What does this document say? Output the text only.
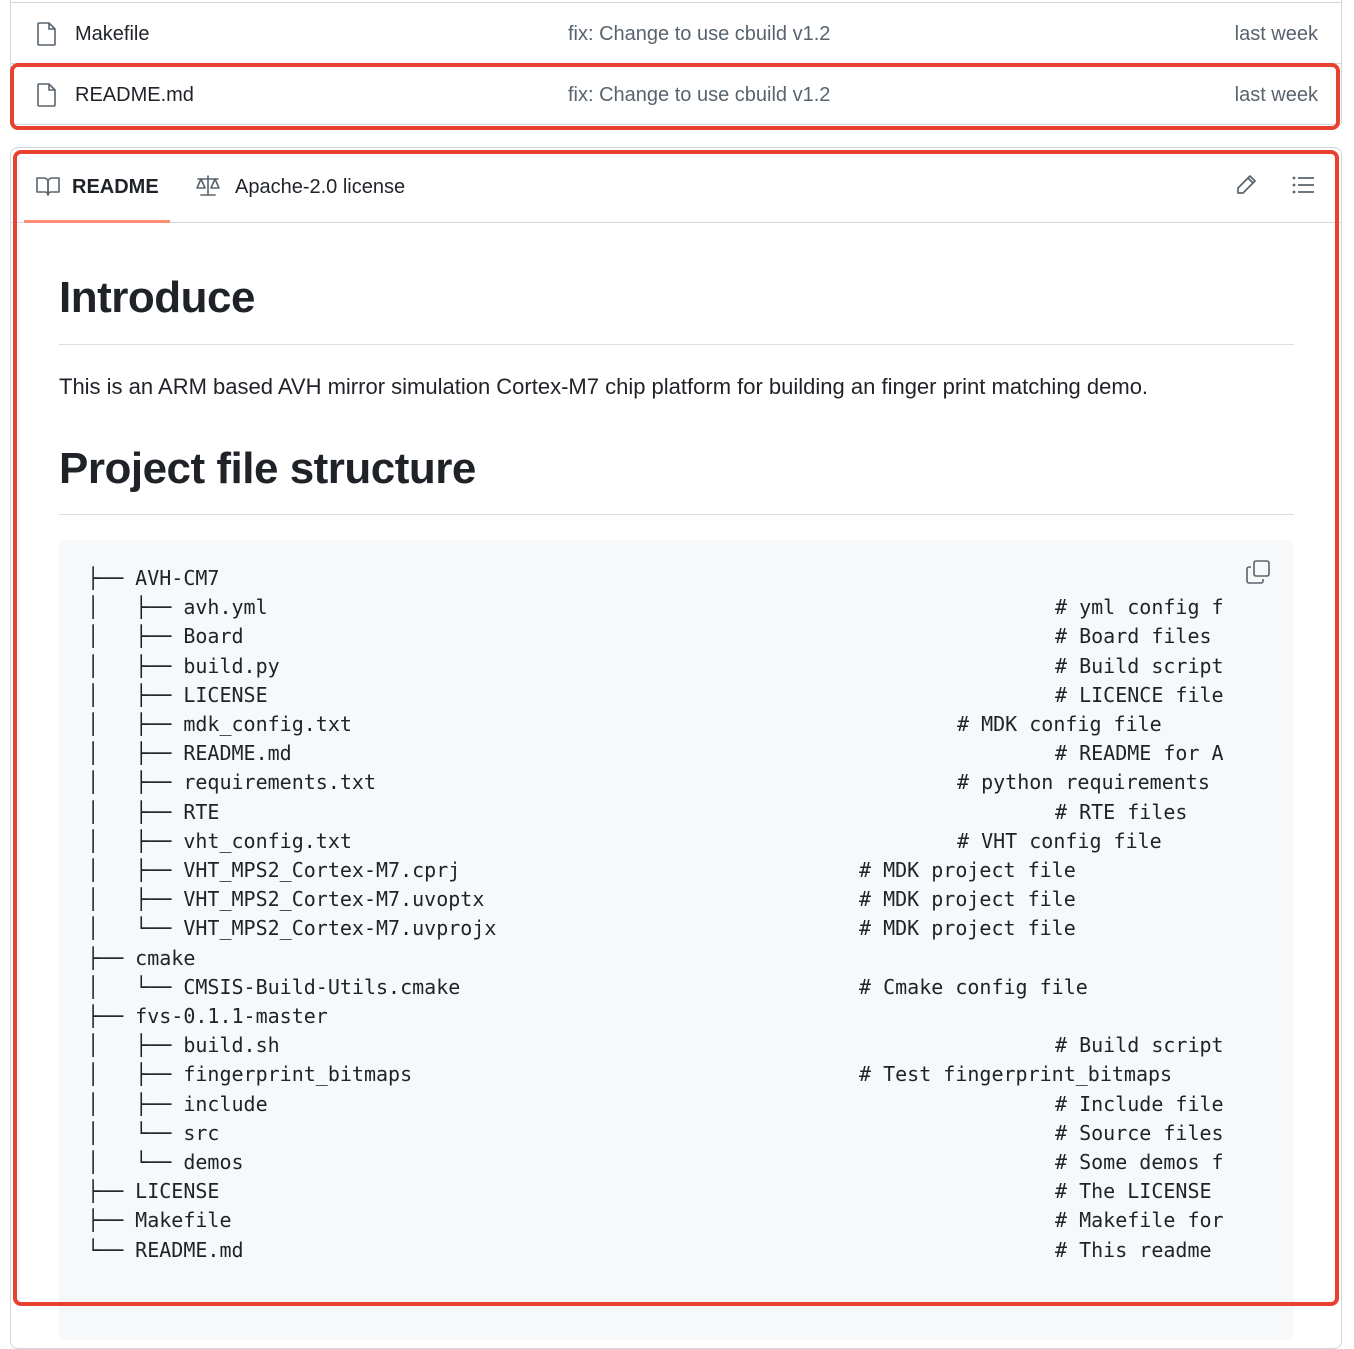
Makefile	fix: Change to use cbuild v1.2	last week
README.md	fix: Change to use cbuild v1.2	last week
README	Apache-2.0 license
Introduce
This is an ARM based AVH mirror simulation Cortex-M7 chip platform for building an finger print matching demo.
Project file structure
├── AVH-CM7
│   ├── avh.yml	# yml config f
│   ├── Board	# Board files
│   ├── build.py	# Build script
│   ├── LICENSE	# LICENCE file
│   ├── mdk_config.txt	# MDK config file
│   ├── README.md	# README for A
│   ├── requirements.txt	# python requirements
│   ├── RTE	# RTE files
│   ├── vht_config.txt	# VHT config file
│   ├── VHT_MPS2_Cortex-M7.cprj	# MDK project file
│   ├── VHT_MPS2_Cortex-M7.uvoptx	# MDK project file
│   └── VHT_MPS2_Cortex-M7.uvprojx	# MDK project file
├── cmake
│   └── CMSIS-Build-Utils.cmake	# Cmake config file
├── fvs-0.1.1-master
│   ├── build.sh	# Build script
│   ├── fingerprint_bitmaps	# Test fingerprint_bitmaps
│   ├── include	# Include file
│   └── src	# Source files
│   └── demos	# Some demos f
├── LICENSE	# The LICENSE
├── Makefile	# Makefile for
└── README.md	# This readme
